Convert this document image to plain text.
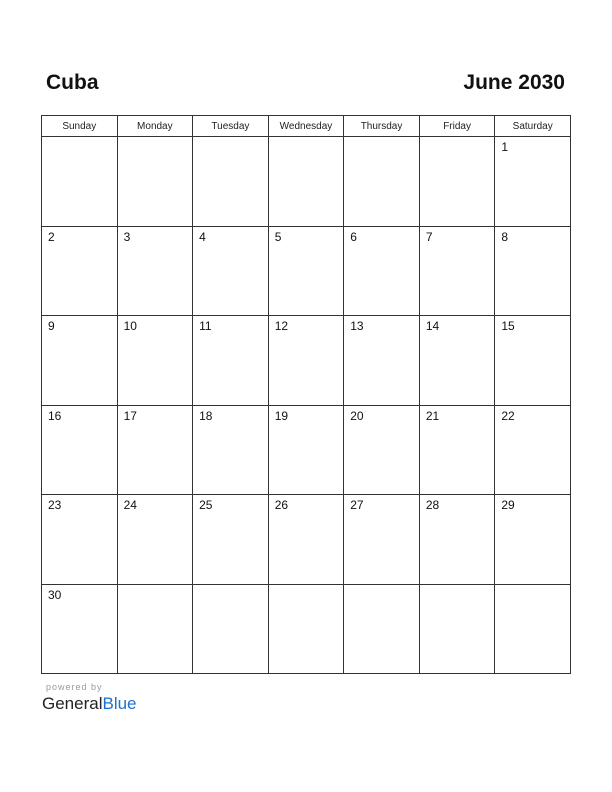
Cuba	June 2030
Sunday	Monday	Tuesday	Wednesday	Thursday	Friday	Saturday

						1

2	3	4	5	6	7	8

9	10	11	12	13	14	15

16	17	18	19	20	21	22

23	24	25	26	27	28	29

30						

powered by
GeneralBlue
